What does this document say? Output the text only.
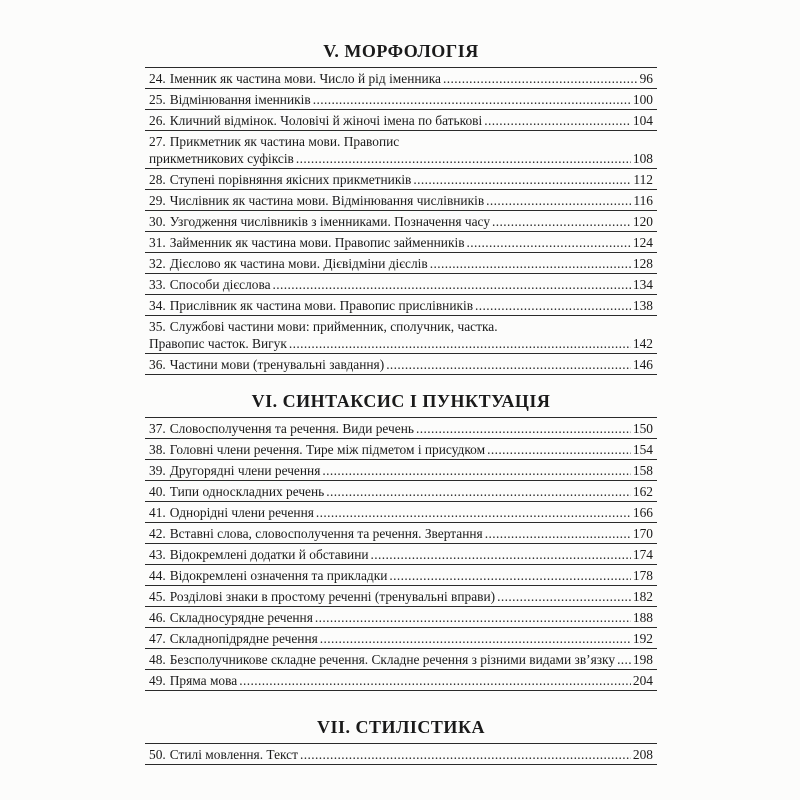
V. МОРФОЛОГІЯ
24. Іменник як частина мови. Число й рід іменника .....	96
25. Відмінювання іменників .....	100
26. Кличний відмінок. Чоловічі й жіночі імена по батькові .....	104
27. Прикметник як частина мови. Правопис
прикметникових суфіксів .....	108
28. Ступені порівняння якісних прикметників .....	112
29. Числівник як частина мови. Відмінювання числівників .....	116
30. Узгодження числівників з іменниками. Позначення часу .....	120
31. Займенник як частина мови. Правопис займенників .....	124
32. Дієслово як частина мови. Дієвідміни дієслів .....	128
33. Способи дієслова .....	134
34. Прислівник як частина мови. Правопис прислівників .....	138
35. Службові частини мови: прийменник, сполучник, частка.
Правопис часток. Вигук .....	142
36. Частини мови (тренувальні завдання) .....	146
VI. СИНТАКСИС І ПУНКТУАЦІЯ
37. Словосполучення та речення. Види речень .....	150
38. Головні члени речення. Тире між підметом і присудком .....	154
39. Другорядні члени речення .....	158
40. Типи односкладних речень .....	162
41. Однорідні члени речення .....	166
42. Вставні слова, словосполучення та речення. Звертання .....	170
43. Відокремлені додатки й обставини .....	174
44. Відокремлені означення та прикладки .....	178
45. Розділові знаки в простому реченні (тренувальні вправи) .....	182
46. Складносурядне речення .....	188
47. Складнопідрядне речення .....	192
48. Безсполучникове складне речення. Складне речення з різними видами зв’язку ..... 198
49. Пряма мова .....	204
VII. СТИЛІСТИКА
50. Стилі мовлення. Текст .....	208
